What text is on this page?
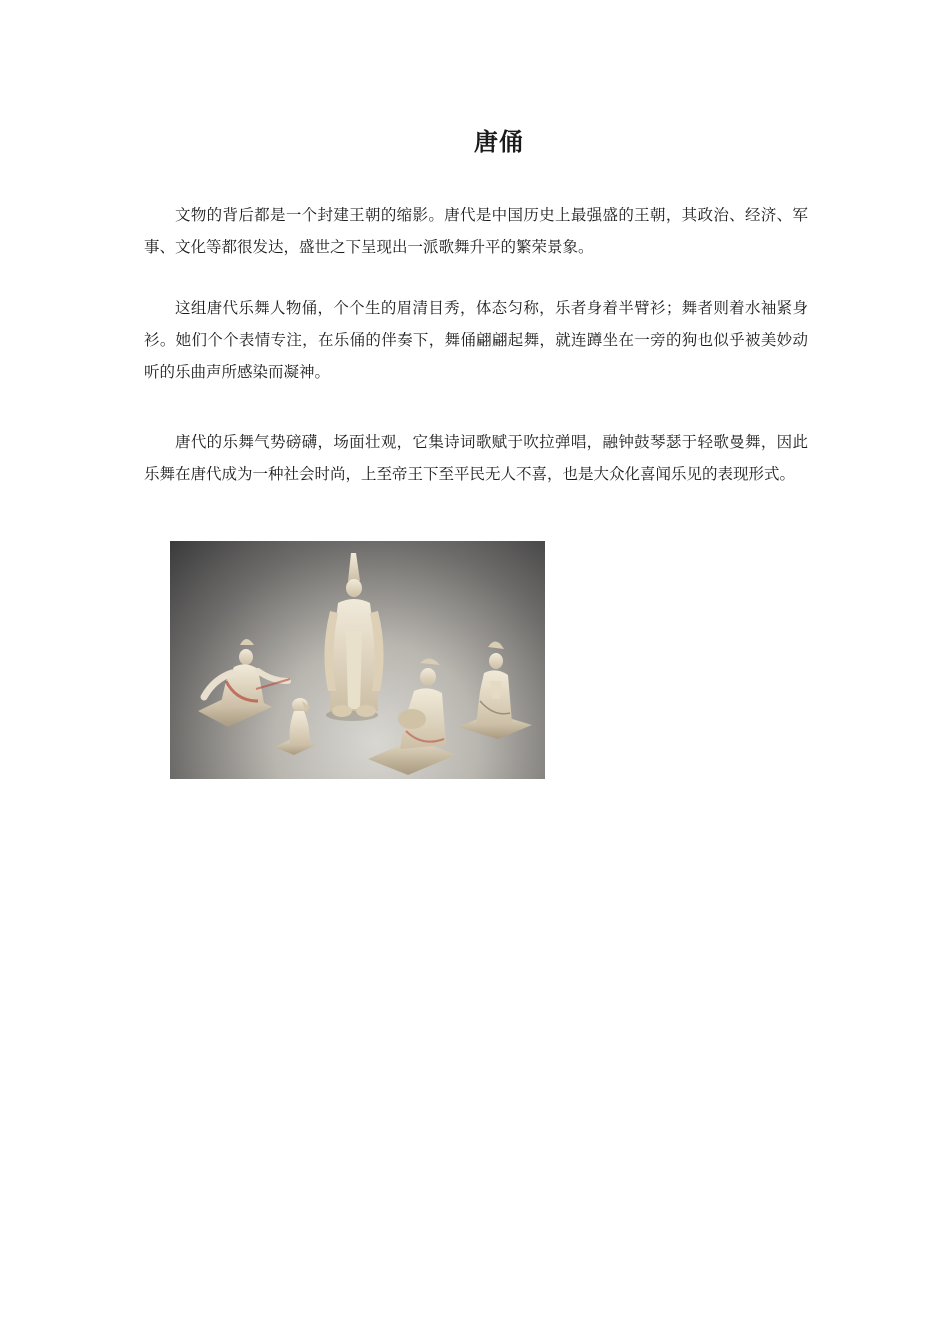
唐俑

文物的背后都是一个封建王朝的缩影。唐代是中国历史上最强盛的王朝，其政治、经济、军事、文化等都很发达，盛世之下呈现出一派歌舞升平的繁荣景象。

这组唐代乐舞人物俑，个个生的眉清目秀，体态匀称，乐者身着半臂衫；舞者则着水袖紧身衫。她们个个表情专注，在乐俑的伴奏下，舞俑翩翩起舞，就连蹲坐在一旁的狗也似乎被美妙动听的乐曲声所感染而凝神。

唐代的乐舞气势磅礴，场面壮观，它集诗词歌赋于吹拉弹唱，融钟鼓琴瑟于轻歌曼舞，因此乐舞在唐代成为一种社会时尚，上至帝王下至平民无人不喜，也是大众化喜闻乐见的表现形式。
